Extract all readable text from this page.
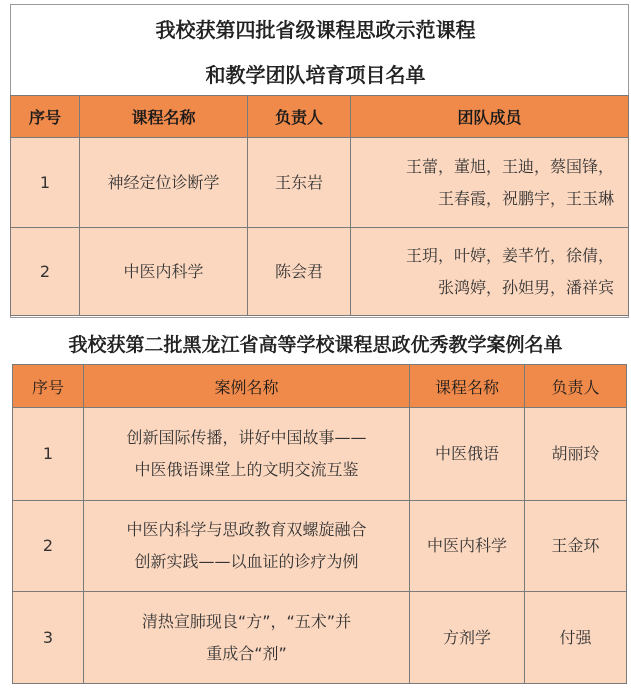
我校获第四批省级课程思政示范课程
和教学团队培育项目名单
序号	课程名称	负责人	团队成员
1	神经定位诊断学	王东岩	王蕾，董旭，王迪，蔡国锋，
王春霞，祝鹏宇，王玉琳

2	中医内科学	陈会君	王玥，叶婷，姜芊竹，徐倩，
张鸿婷，孙妲男，潘祥宾
我校获第二批黑龙江省高等学校课程思政优秀教学案例名单
序号	案例名称	课程名称	负责人
1	创新国际传播，讲好中国故事——
中医俄语课堂上的文明交流互鉴	中医俄语	胡丽玲
2	中医内科学与思政教育双螺旋融合
创新实践——以血证的诊疗为例	中医内科学	王金环
3	清热宣肺现良“方”，“五术”并
重成合“剂”	方剂学	付强
